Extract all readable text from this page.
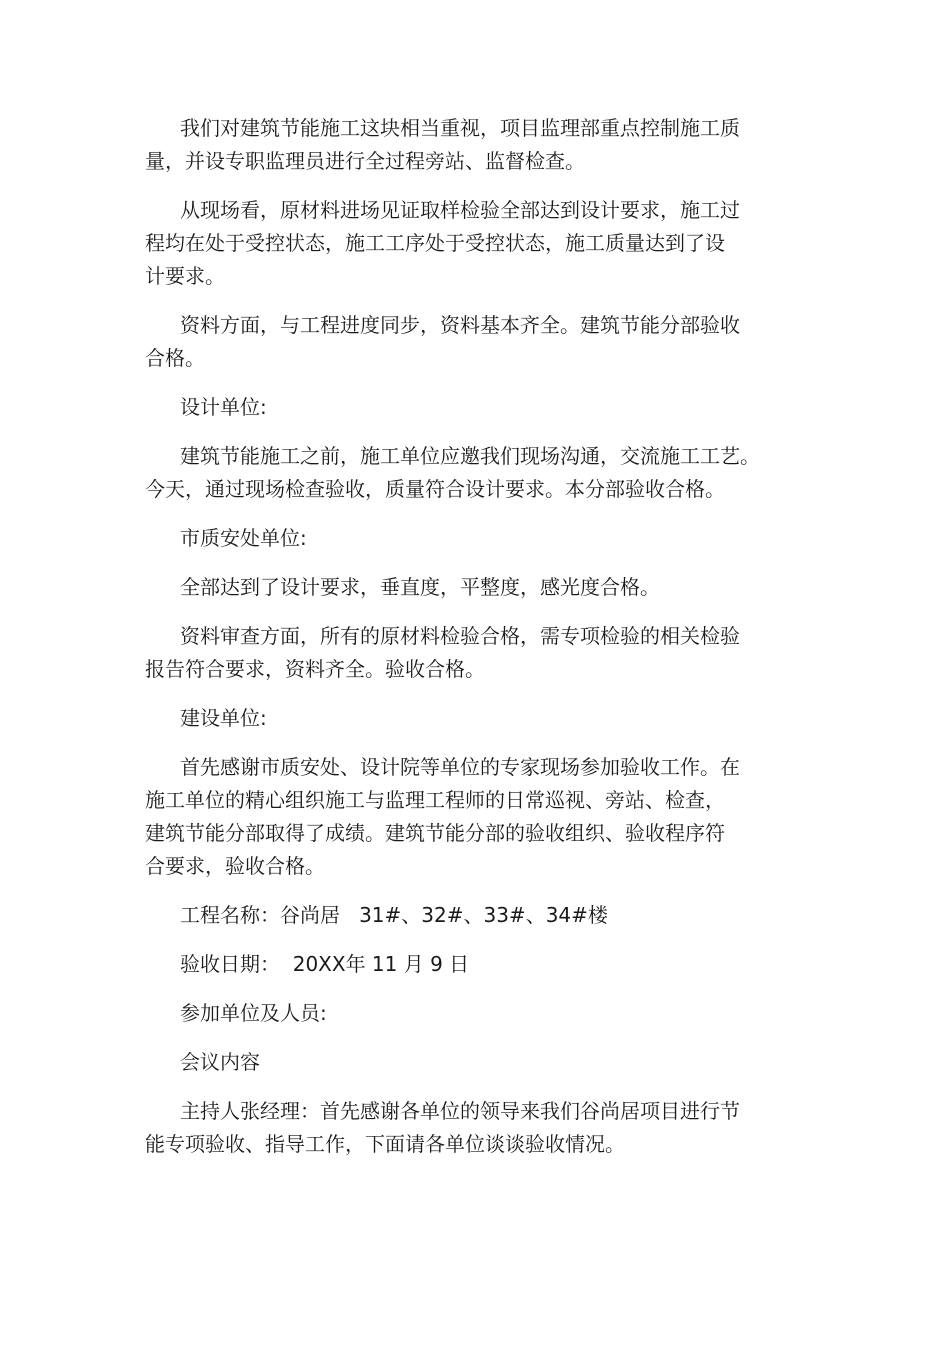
我们对建筑节能施工这块相当重视，项目监理部重点控制施工质
量，并设专职监理员进行全过程旁站、监督检查。

从现场看，原材料进场见证取样检验全部达到设计要求，施工过
程均在处于受控状态，施工工序处于受控状态，施工质量达到了设
计要求。

资料方面，与工程进度同步，资料基本齐全。建筑节能分部验收
合格。

设计单位:

建筑节能施工之前，施工单位应邀我们现场沟通，交流施工工艺。
今天，通过现场检查验收，质量符合设计要求。本分部验收合格。

市质安处单位:

全部达到了设计要求，垂直度，平整度，感光度合格。

资料审查方面，所有的原材料检验合格，需专项检验的相关检验
报告符合要求，资料齐全。验收合格。

建设单位:

首先感谢市质安处、设计院等单位的专家现场参加验收工作。在
施工单位的精心组织施工与监理工程师的日常巡视、旁站、检查，
建筑节能分部取得了成绩。建筑节能分部的验收组织、验收程序符
合要求，验收合格。

工程名称：谷尚居   31#、32#、33#、34#楼

验收日期：  20XX年 11 月 9 日

参加单位及人员:

会议内容

主持人张经理：首先感谢各单位的领导来我们谷尚居项目进行节
能专项验收、指导工作，下面请各单位谈谈验收情况。
